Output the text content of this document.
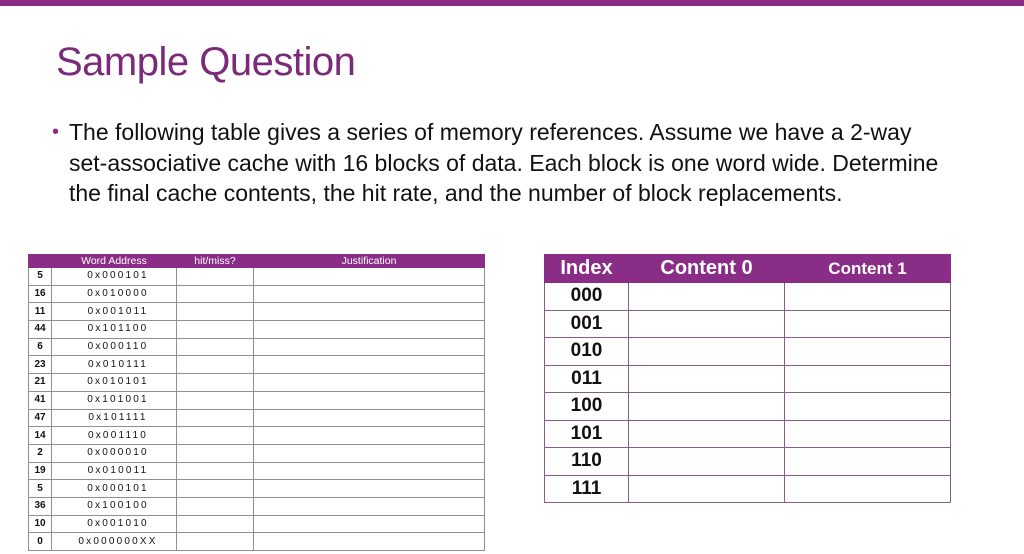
Sample Question
• The following table gives a series of memory references. Assume we have a 2-way set-associative cache with 16 blocks of data. Each block is one word wide. Determine the final cache contents, the hit rate, and the number of block replacements.
	Word Address	hit/miss?	Justification
5	0x000101		
16	0x010000		
11	0x001011		
44	0x101100		
6	0x000110		
23	0x010111		
21	0x010101		
41	0x101001		
47	0x101111		
14	0x001110		
2	0x000010		
19	0x010011		
5	0x000101		
36	0x100100		
10	0x001010		
0	0x000000XX		
Index	Content 0	Content 1
000		
001		
010		
011		
100		
101		
110		
111		
